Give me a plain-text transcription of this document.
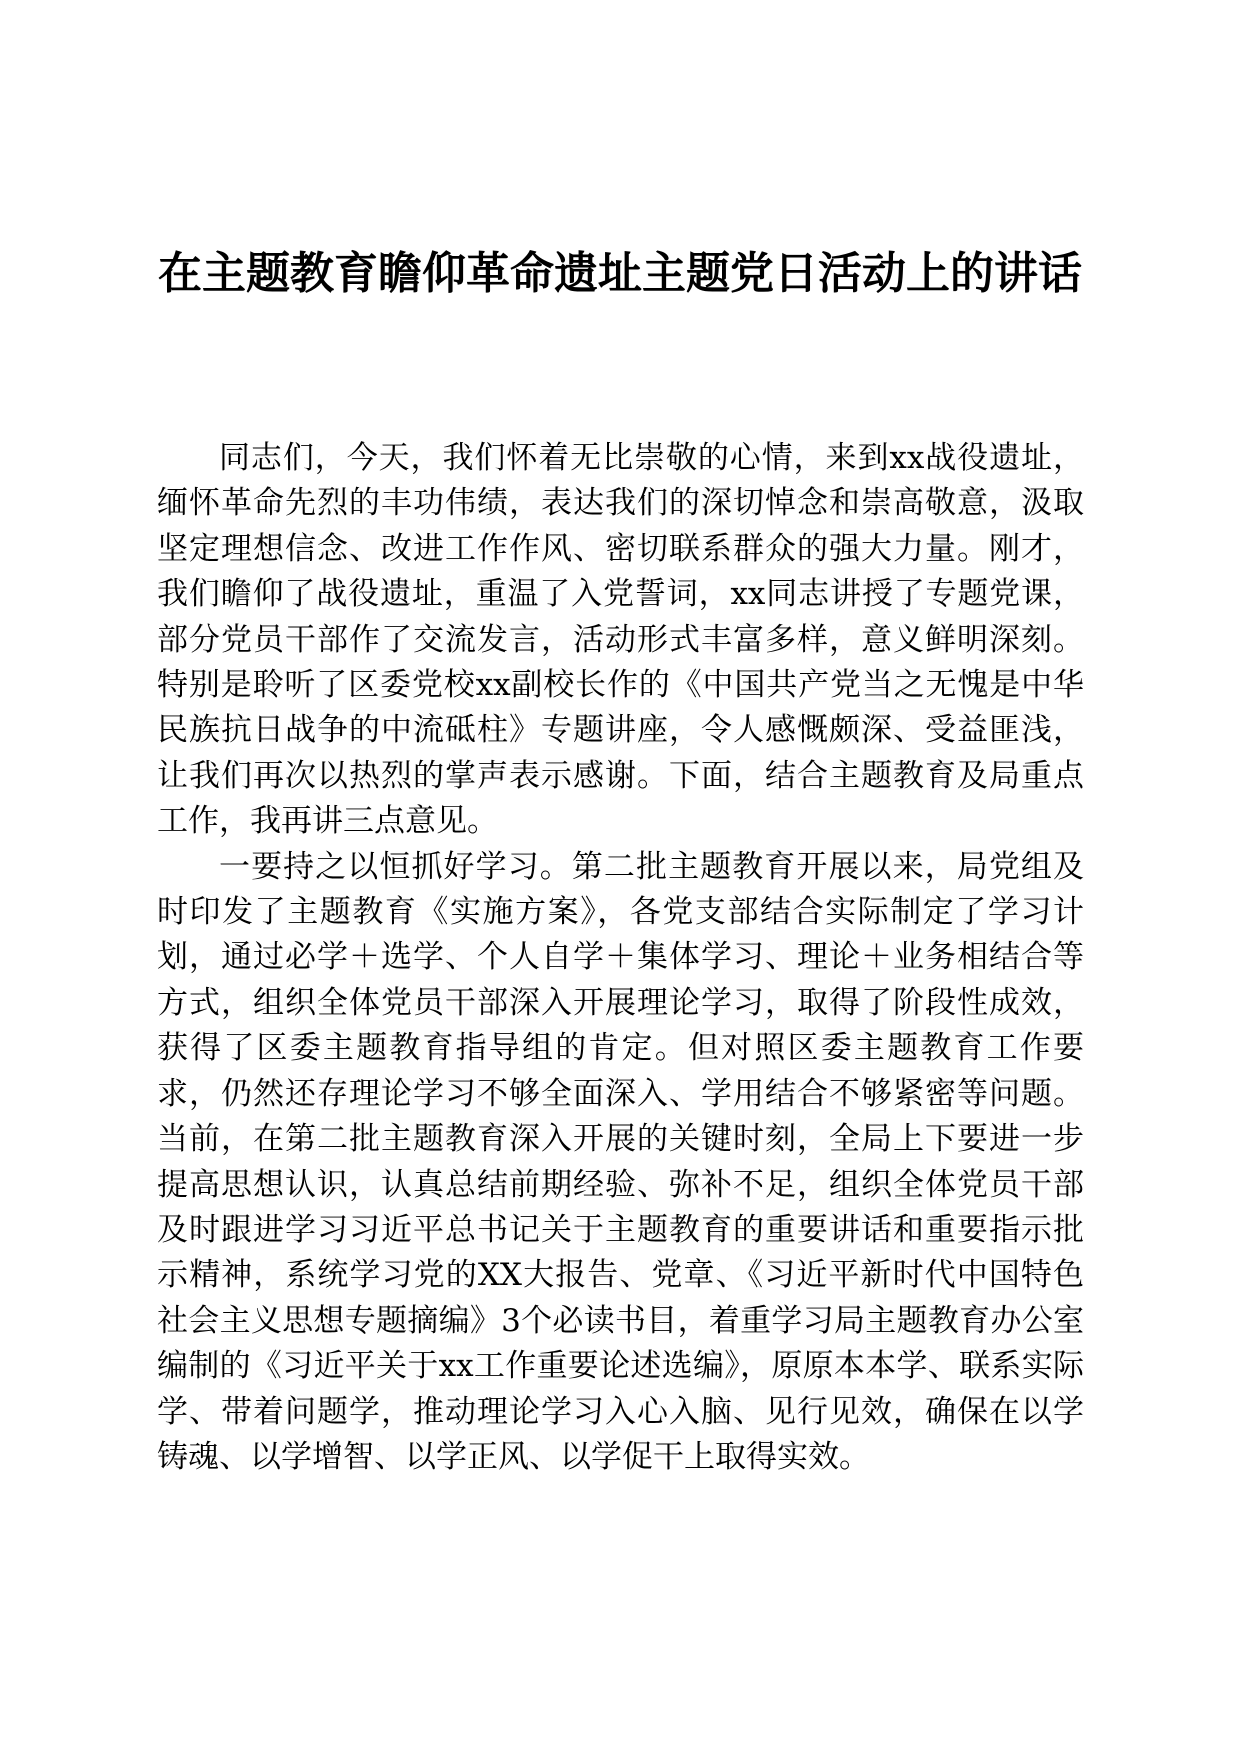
在主题教育瞻仰革命遗址主题党日活动上的讲话

同志们，今天，我们怀着无比崇敬的心情，来到xx战役遗址，缅怀革命先烈的丰功伟绩，表达我们的深切悼念和崇高敬意，汲取坚定理想信念、改进工作作风、密切联系群众的强大力量。刚才，我们瞻仰了战役遗址，重温了入党誓词，xx同志讲授了专题党课，部分党员干部作了交流发言，活动形式丰富多样，意义鲜明深刻。特别是聆听了区委党校xx副校长作的《中国共产党当之无愧是中华民族抗日战争的中流砥柱》专题讲座，令人感慨颇深、受益匪浅，让我们再次以热烈的掌声表示感谢。下面，结合主题教育及局重点工作，我再讲三点意见。

一要持之以恒抓好学习。第二批主题教育开展以来，局党组及时印发了主题教育《实施方案》，各党支部结合实际制定了学习计划，通过必学＋选学、个人自学＋集体学习、理论＋业务相结合等方式，组织全体党员干部深入开展理论学习，取得了阶段性成效，获得了区委主题教育指导组的肯定。但对照区委主题教育工作要求，仍然还存理论学习不够全面深入、学用结合不够紧密等问题。当前，在第二批主题教育深入开展的关键时刻，全局上下要进一步提高思想认识，认真总结前期经验、弥补不足，组织全体党员干部及时跟进学习习近平总书记关于主题教育的重要讲话和重要指示批示精神，系统学习党的XX大报告、党章、《习近平新时代中国特色社会主义思想专题摘编》3个必读书目，着重学习局主题教育办公室编制的《习近平关于xx工作重要论述选编》，原原本本学、联系实际学、带着问题学，推动理论学习入心入脑、见行见效，确保在以学铸魂、以学增智、以学正风、以学促干上取得实效。
